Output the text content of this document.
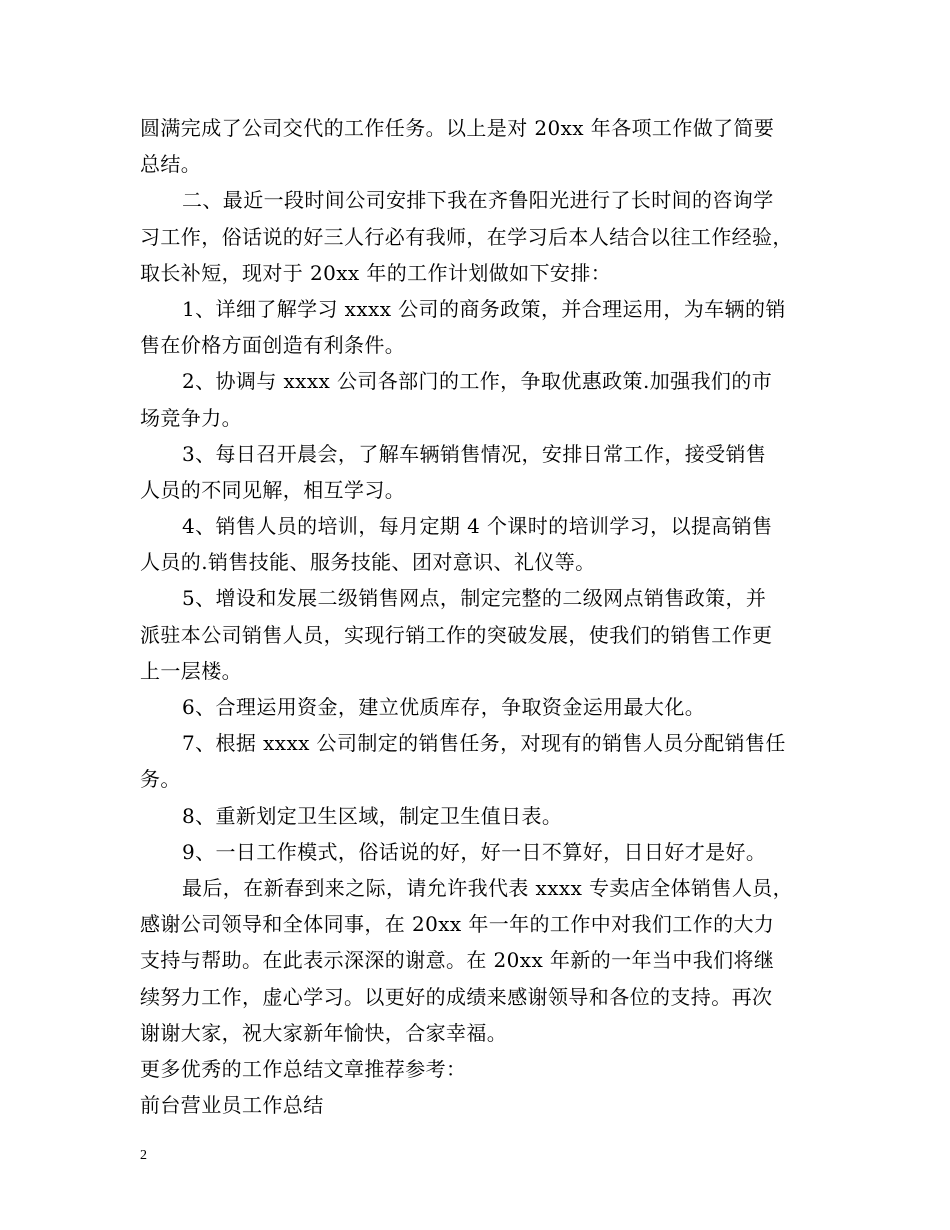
圆满完成了公司交代的工作任务。以上是对 20xx 年各项工作做了简要
总结。
二、最近一段时间公司安排下我在齐鲁阳光进行了长时间的咨询学
习工作，俗话说的好三人行必有我师，在学习后本人结合以往工作经验，
取长补短，现对于 20xx 年的工作计划做如下安排：
1、详细了解学习 xxxx 公司的商务政策，并合理运用，为车辆的销
售在价格方面创造有利条件。
2、协调与 xxxx 公司各部门的工作，争取优惠政策.加强我们的市
场竞争力。
3、每日召开晨会，了解车辆销售情况，安排日常工作，接受销售
人员的不同见解，相互学习。
4、销售人员的培训，每月定期 4 个课时的培训学习，以提高销售
人员的.销售技能、服务技能、团对意识、礼仪等。
5、增设和发展二级销售网点，制定完整的二级网点销售政策，并
派驻本公司销售人员，实现行销工作的突破发展，使我们的销售工作更
上一层楼。
6、合理运用资金，建立优质库存，争取资金运用最大化。
7、根据 xxxx 公司制定的销售任务，对现有的销售人员分配销售任
务。
8、重新划定卫生区域，制定卫生值日表。
9、一日工作模式，俗话说的好，好一日不算好，日日好才是好。
最后，在新春到来之际，请允许我代表 xxxx 专卖店全体销售人员，
感谢公司领导和全体同事，在 20xx 年一年的工作中对我们工作的大力
支持与帮助。在此表示深深的谢意。在 20xx 年新的一年当中我们将继
续努力工作，虚心学习。以更好的成绩来感谢领导和各位的支持。再次
谢谢大家，祝大家新年愉快，合家幸福。
更多优秀的工作总结文章推荐参考：
前台营业员工作总结
2
